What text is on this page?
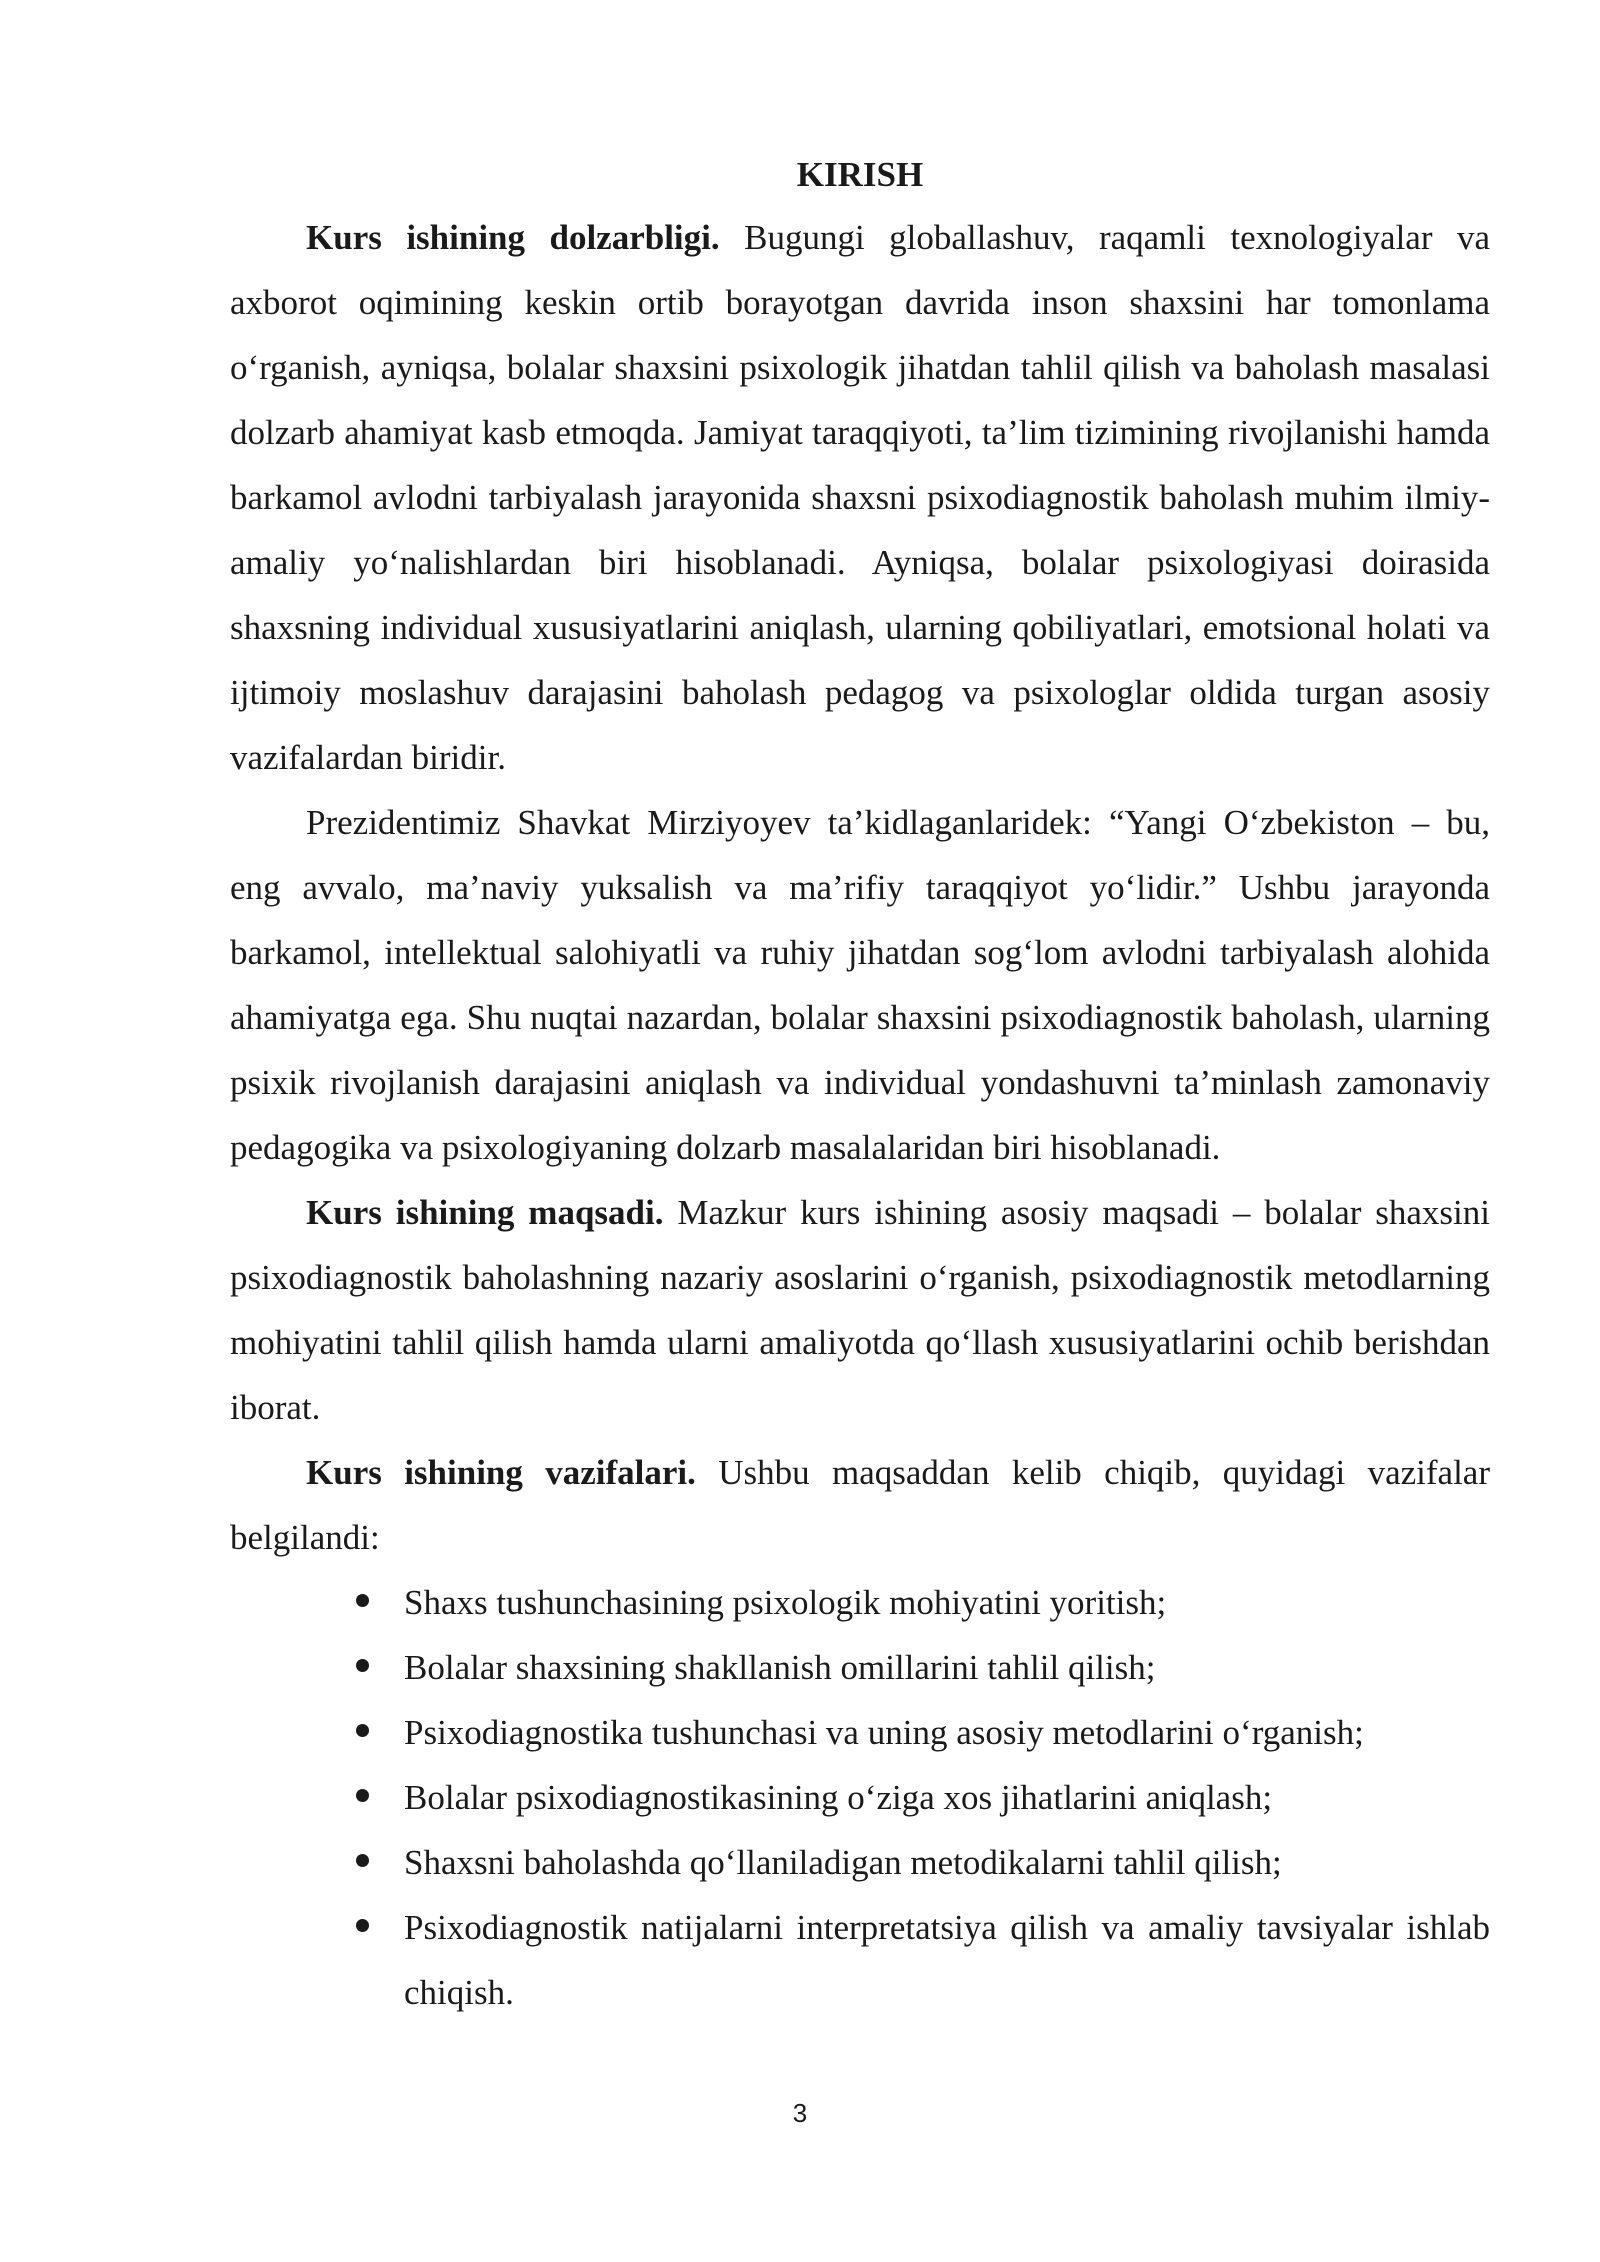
KIRISH

Kurs ishining dolzarbligi. Bugungi globallashuv, raqamli texnologiyalar va axborot oqimining keskin ortib borayotgan davrida inson shaxsini har tomonlama o‘rganish, ayniqsa, bolalar shaxsini psixologik jihatdan tahlil qilish va baholash masalasi dolzarb ahamiyat kasb etmoqda. Jamiyat taraqqiyoti, ta’lim tizimining rivojlanishi hamda barkamol avlodni tarbiyalash jarayonida shaxsni psixodiagnostik baholash muhim ilmiy-amaliy yo‘nalishlardan biri hisoblanadi. Ayniqsa, bolalar psixologiyasi doirasida shaxsning individual xususiyatlarini aniqlash, ularning qobiliyatlari, emotsional holati va ijtimoiy moslashuv darajasini baholash pedagog va psixologlar oldida turgan asosiy vazifalardan biridir.

Prezidentimiz Shavkat Mirziyoyev ta’kidlaganlaridek: “Yangi O‘zbekiston – bu, eng avvalo, ma’naviy yuksalish va ma’rifiy taraqqiyot yo‘lidir.” Ushbu jarayonda barkamol, intellektual salohiyatli va ruhiy jihatdan sog‘lom avlodni tarbiyalash alohida ahamiyatga ega. Shu nuqtai nazardan, bolalar shaxsini psixodiagnostik baholash, ularning psixik rivojlanish darajasini aniqlash va individual yondashuvni ta’minlash zamonaviy pedagogika va psixologiyaning dolzarb masalalaridan biri hisoblanadi.

Kurs ishining maqsadi. Mazkur kurs ishining asosiy maqsadi – bolalar shaxsini psixodiagnostik baholashning nazariy asoslarini o‘rganish, psixodiagnostik metodlarning mohiyatini tahlil qilish hamda ularni amaliyotda qo‘llash xususiyatlarini ochib berishdan iborat.

Kurs ishining vazifalari. Ushbu maqsaddan kelib chiqib, quyidagi vazifalar belgilandi:

Shaxs tushunchasining psixologik mohiyatini yoritish;
Bolalar shaxsining shakllanish omillarini tahlil qilish;
Psixodiagnostika tushunchasi va uning asosiy metodlarini o‘rganish;
Bolalar psixodiagnostikasining o‘ziga xos jihatlarini aniqlash;
Shaxsni baholashda qo‘llaniladigan metodikalarni tahlil qilish;
Psixodiagnostik natijalarni interpretatsiya qilish va amaliy tavsiyalar ishlab chiqish.
3
